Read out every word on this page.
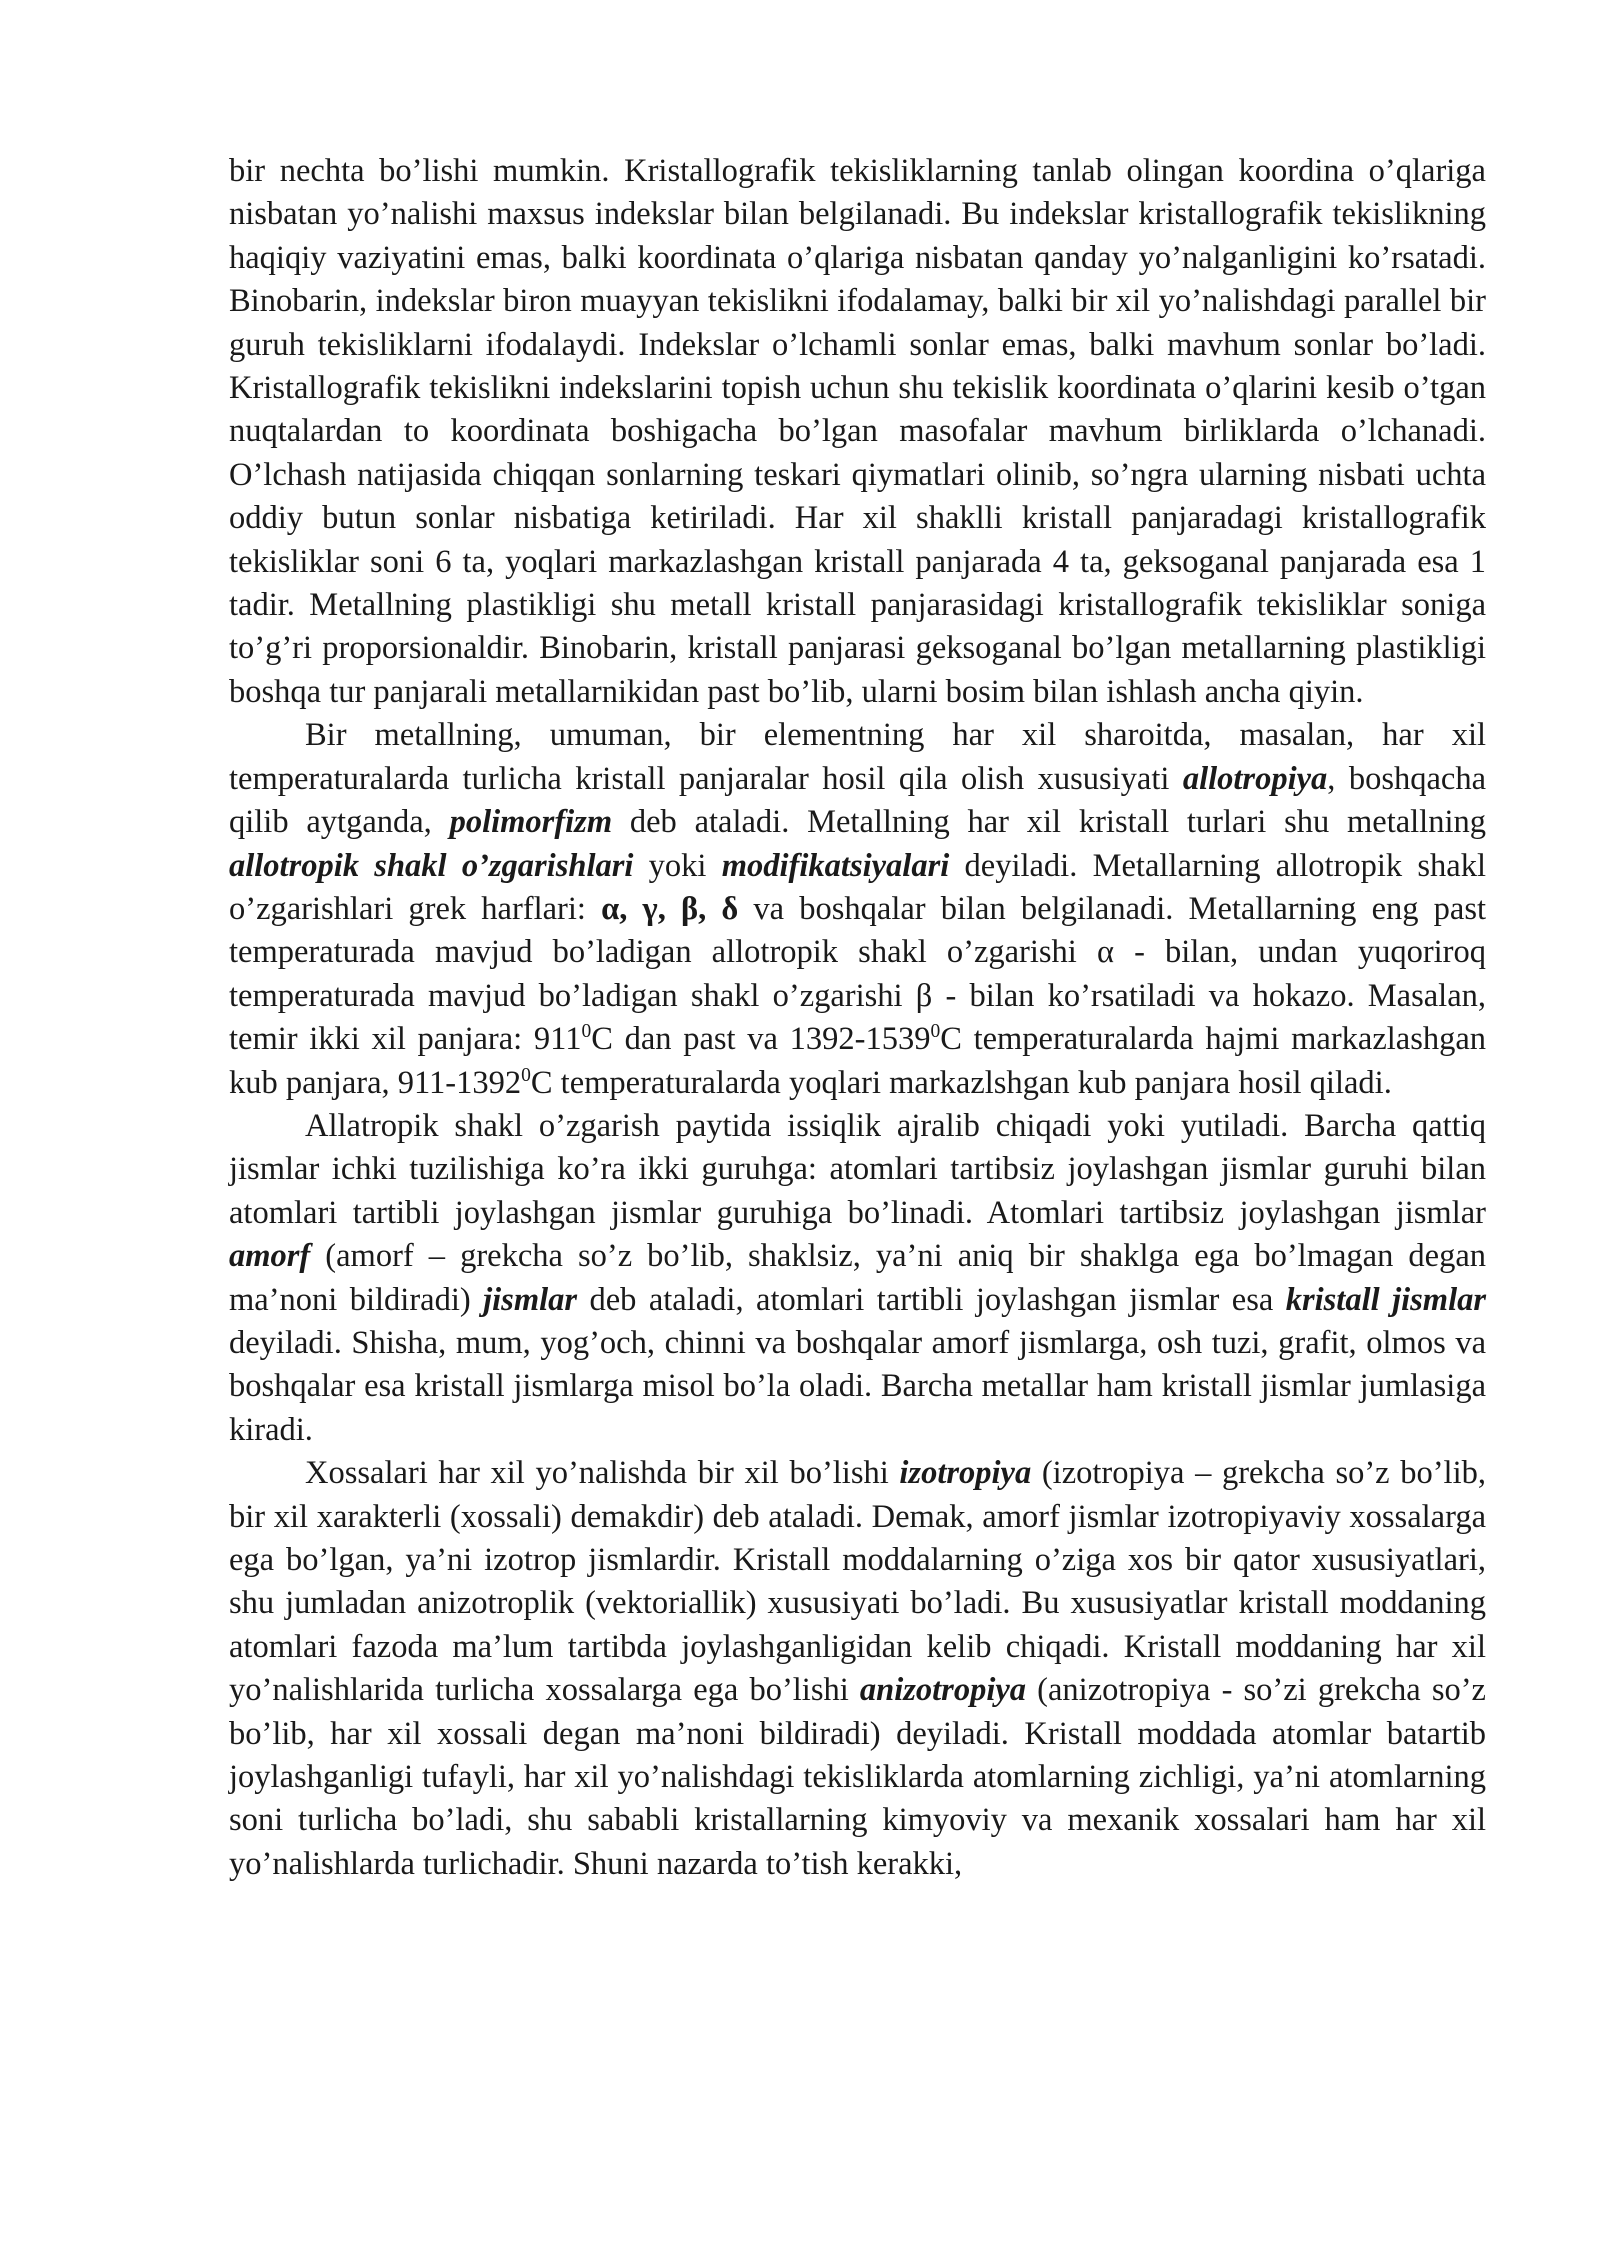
bir nechta bo’lishi mumkin. Kristallografik tekisliklarning tanlab olingan koordina o’qlariga nisbatan yo’nalishi maxsus indekslar bilan belgilanadi. Bu indekslar kristallografik tekislikning haqiqiy vaziyatini emas, balki koordinata o’qlariga nisbatan qanday yo’nalganligini ko’rsatadi. Binobarin, indekslar biron muayyan tekislikni ifodalamay, balki bir xil yo’nalishdagi parallel bir guruh tekisliklarni ifodalaydi. Indekslar o’lchamli sonlar emas, balki mavhum sonlar bo’ladi. Kristallografik tekislikni indekslarini topish uchun shu tekislik koordinata o’qlarini kesib o’tgan nuqtalardan to koordinata boshigacha bo’lgan masofalar mavhum birliklarda o’lchanadi. O’lchash natijasida chiqqan sonlarning teskari qiymatlari olinib, so’ngra ularning nisbati uchta oddiy butun sonlar nisbatiga ketiriladi. Har xil shaklli kristall panjaradagi kristallografik tekisliklar soni 6 ta, yoqlari markazlashgan kristall panjarada 4 ta, geksoganal panjarada esa 1 tadir. Metallning plastikligi shu metall kristall panjarasidagi kristallografik tekisliklar soniga to’g’ri proporsionaldir. Binobarin, kristall panjarasi geksoganal bo’lgan metallarning plastikligi boshqa tur panjarali metallarnikidan past bo’lib, ularni bosim bilan ishlash ancha qiyin.

Bir metallning, umuman, bir elementning har xil sharoitda, masalan, har xil temperaturalarda turlicha kristall panjaralar hosil qila olish xususiyati allotropiya, boshqacha qilib aytganda, polimorfizm deb ataladi. Metallning har xil kristall turlari shu metallning allotropik shakl o’zgarishlari yoki modifikatsiyalari deyiladi. Metallarning allotropik shakl o’zgarishlari grek harflari: α, γ, β, δ va boshqalar bilan belgilanadi. Metallarning eng past temperaturada mavjud bo’ladigan allotropik shakl o’zgarishi α - bilan, undan yuqoriroq temperaturada mavjud bo’ladigan shakl o’zgarishi β - bilan ko’rsatiladi va hokazo. Masalan, temir ikki xil panjara: $911^0C$ dan past va 1392-1539$^0$C temperaturalarda hajmi markazlashgan kub panjara, 911-1392$^0$C temperaturalarda yoqlari markazlshgan kub panjara hosil qiladi.

Allatropik shakl o’zgarish paytida issiqlik ajralib chiqadi yoki yutiladi. Barcha qattiq jismlar ichki tuzilishiga ko’ra ikki guruhga: atomlari tartibsiz joylashgan jismlar guruhi bilan atomlari tartibli joylashgan jismlar guruhiga bo’linadi. Atomlari tartibsiz joylashgan jismlar amorf (amorf – grekcha so’z bo’lib, shaklsiz, ya’ni aniq bir shaklga ega bo’lmagan degan ma’noni bildiradi) jismlar deb ataladi, atomlari tartibli joylashgan jismlar esa kristall jismlar deyiladi. Shisha, mum, yog’och, chinni va boshqalar amorf jismlarga, osh tuzi, grafit, olmos va boshqalar esa kristall jismlarga misol bo’la oladi. Barcha metallar ham kristall jismlar jumlasiga kiradi.

Xossalari har xil yo’nalishda bir xil bo’lishi izotropiya (izotropiya – grekcha so’z bo’lib, bir xil xarakterli (xossali) demakdir) deb ataladi. Demak, amorf jismlar izotropiyaviy xossalarga ega bo’lgan, ya’ni izotrop jismlardir. Kristall moddalarning o’ziga xos bir qator xususiyatlari, shu jumladan anizotroplik (vektoriallik) xususiyati bo’ladi. Bu xususiyatlar kristall moddaning atomlari fazoda ma’lum tartibda joylashganligidan kelib chiqadi. Kristall moddaning har xil yo’nalishlarida turlicha xossalarga ega bo’lishi anizotropiya (anizotropiya - so’zi grekcha so’z bo’lib, har xil xossali degan ma’noni bildiradi) deyiladi. Kristall moddada atomlar batartib joylashganligi tufayli, har xil yo’nalishdagi tekisliklarda atomlarning zichligi, ya’ni atomlarning soni turlicha bo’ladi, shu sababli kristallarning kimyoviy va mexanik xossalari ham har xil yo’nalishlarda turlichadir. Shuni nazarda to’tish kerakki,
